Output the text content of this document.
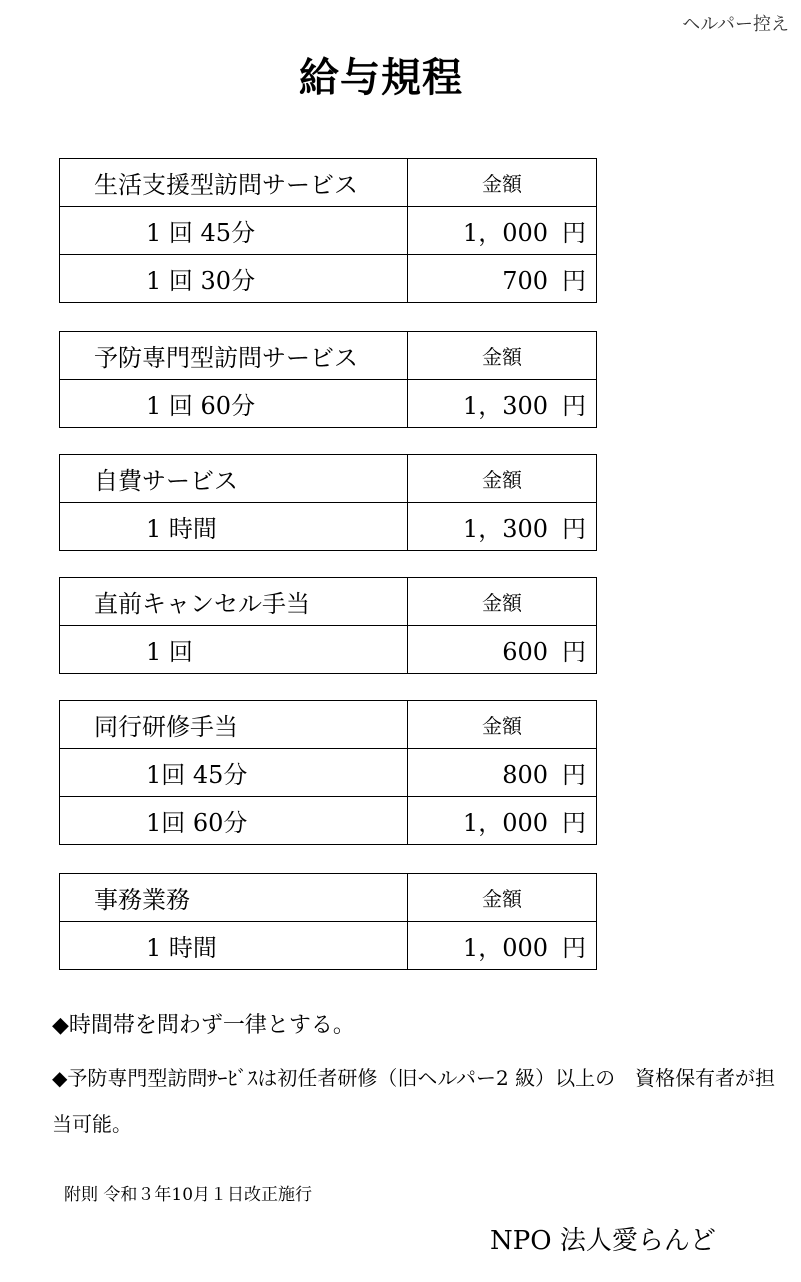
ヘルパー控え
給与規程
生活支援型訪問サービス	金額
1 回 45分	1，000 円
1 回 30分	700 円
予防専門型訪問サービス	金額
1 回 60分	1，300 円
自費サービス	金額
1 時間	1，300 円
直前キャンセル手当	金額
1 回	600 円
同行研修手当	金額
1回 45分	800 円
1回 60分	1，000 円
事務業務	金額
1 時間	1，000 円
◆時間帯を問わず一律とする。
◆予防専門型訪問ｻｰﾋﾞｽは初任者研修（旧ヘルパー2 級）以上の　資格保有者が担当可能。
附則 令和３年10月１日改正施行
NPO 法人愛らんど
